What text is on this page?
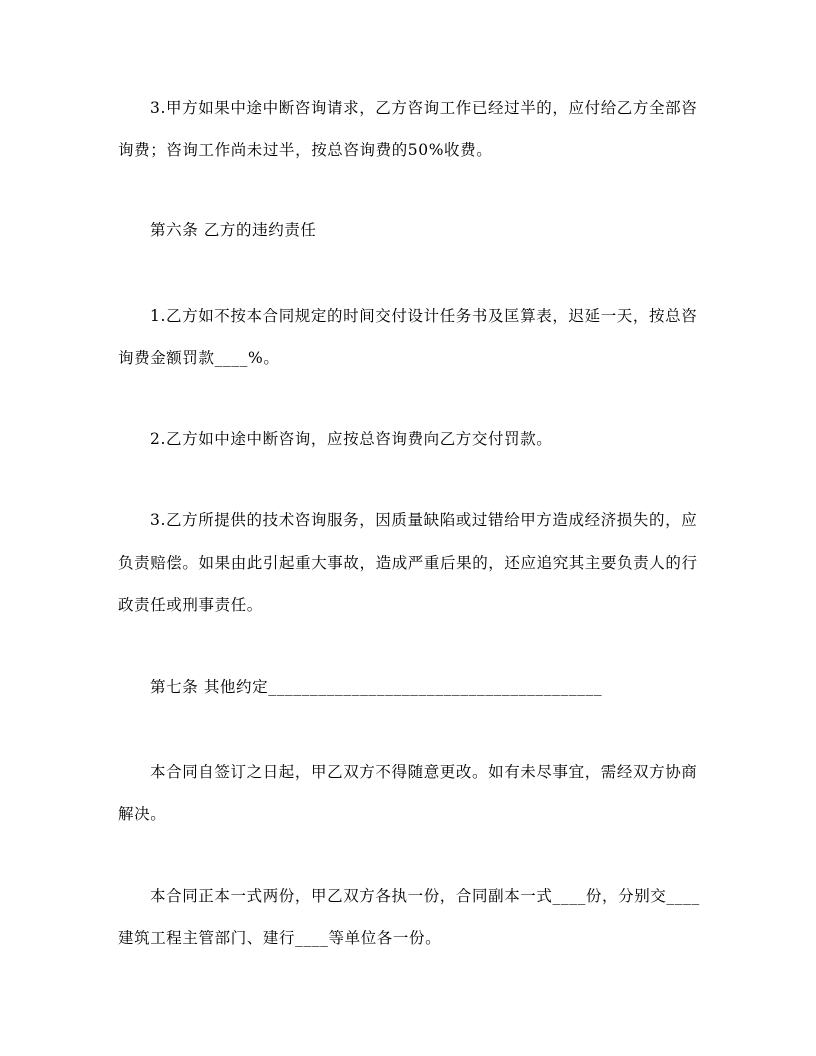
3.甲方如果中途中断咨询请求，乙方咨询工作已经过半的，应付给乙方全部咨
询费；咨询工作尚未过半，按总咨询费的50%收费。
第六条 乙方的违约责任
1.乙方如不按本合同规定的时间交付设计任务书及匡算表，迟延一天，按总咨
询费金额罚款____%。
2.乙方如中途中断咨询，应按总咨询费向乙方交付罚款。
3.乙方所提供的技术咨询服务，因质量缺陷或过错给甲方造成经济损失的，应
负责赔偿。如果由此引起重大事故，造成严重后果的，还应追究其主要负责人的行
政责任或刑事责任。
第七条 其他约定________________________________________
本合同自签订之日起，甲乙双方不得随意更改。如有未尽事宜，需经双方协商
解决。
本合同正本一式两份，甲乙双方各执一份，合同副本一式____份，分别交____
建筑工程主管部门、建行____等单位各一份。
